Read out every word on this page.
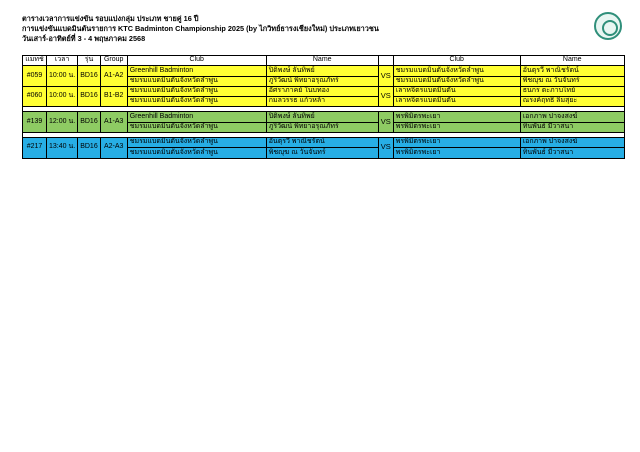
ตารางเวลาการแข่งขัน รอบแบ่งกลุ่ม ประเภท ชายคู่ 16 ปี
การแข่งขันแบดมินตันรายการ KTC Badminton Championship 2025 (by ไกวิทย์ธารงเชียงใหม่) ประเภทเยาวชน
วันเสาร์-อาทิตย์ที่ 3 - 4 พฤษภาคม 2568
แมทช์	เวลา	รุ่น	Group	Club	Name		Club	Name
#059	10:00 น.	BD16	A1-A2	Greenhill Badminton	ปิติพงษ์ ลันทิพย์	VS	ชมรมแบดมินตันจังหวัดลำพูน	อันตุรวี พาณิชรัตน์
				ชมรมแบดมินตันจังหวัดลำพูน	ภูริวัฒน์ พิทยาอรุณภัทร์		ชมรมแบดมินตันจังหวัดลำพูน	พิชญุฆ ณ วันจันทร์
#060	10:00 น.	BD16	B1-B2	ชมรมแบดมินตันจังหวัดลำพูน	อัศราภาคย์ ในบทอง	VS	เลาหจิตรแบดมินตัน	ธนกร ตะภาบไทย์
				ชมรมแบดมินตันจังหวัดลำพูน	กมลวรรธ แก้วหล้า		เลาหจิตรแบดมินตัน	ณรงค์ฤทธิ์ ลิ้มสุยะ

#139	12:00 น.	BD16	A1-A3	Greenhill Badminton	ปิติพงษ์ ลันทิพย์	VS	พรพิมิตรพะเยา	เอกภาพ ปาจงสงฆ์
				ชมรมแบดมินตันจังหวัดลำพูน	ภูริวัฒน์ พิทยาอรุณภัทร์		พรพิมิตรพะเยา	ทินพันธ์ มีวาสนา

#217	13:40 น.	BD16	A2-A3	ชมรมแบดมินตันจังหวัดลำพูน	อันตุรวี พาณิชรัตน์	VS	พรพิมิตรพะเยา	เอกภาพ ปาจงสงฆ์
				ชมรมแบดมินตันจังหวัดลำพูน	พิชญุฆ ณ วันจันทร์		พรพิมิตรพะเยา	ทินพันธ์ มีวาสนา
